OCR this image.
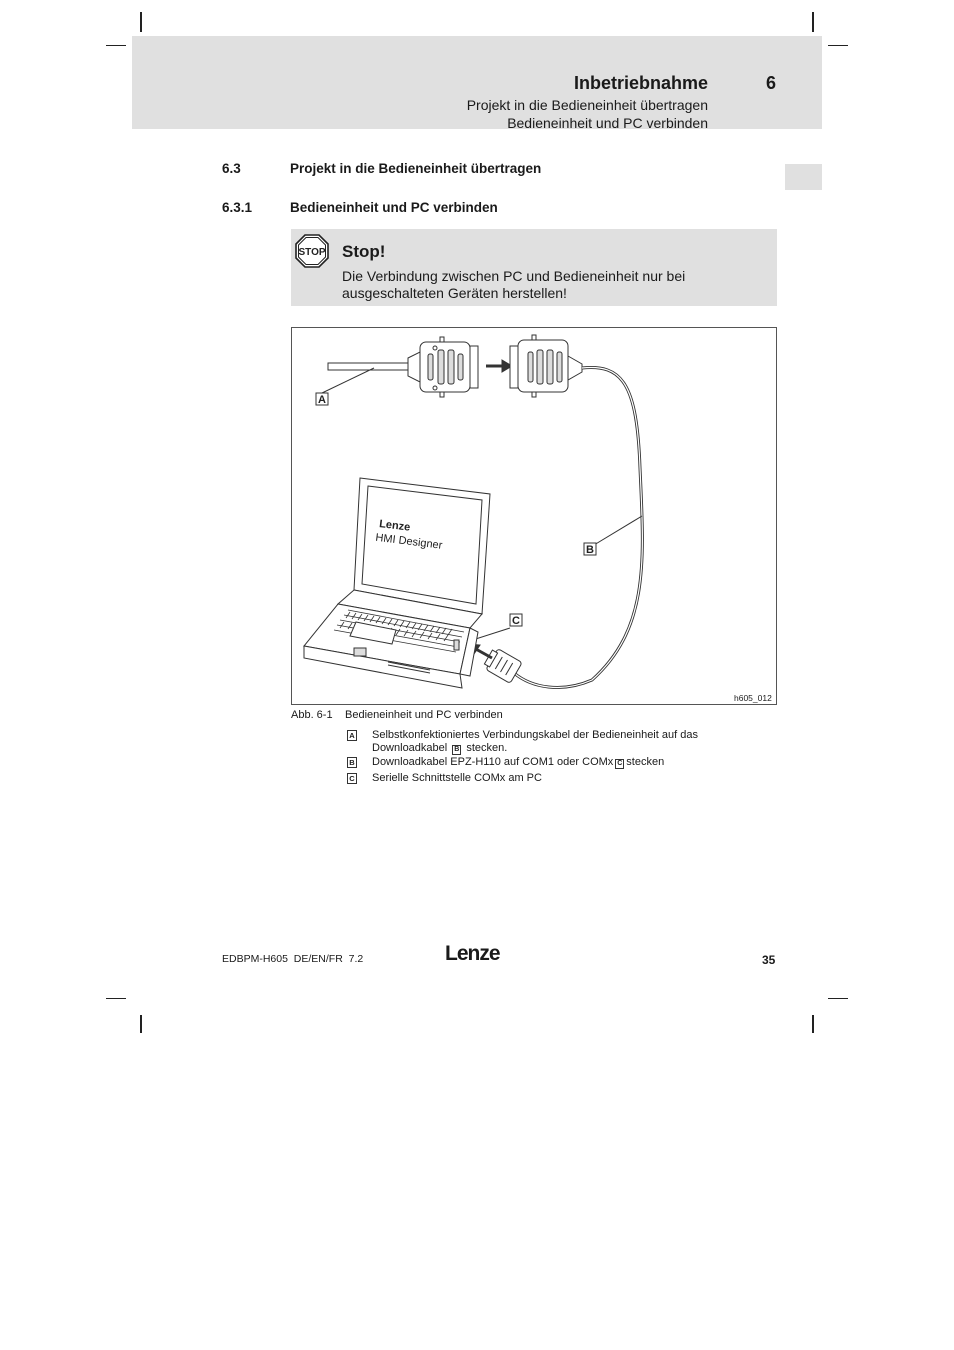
Inbetriebnahme	6
Projekt in die Bedieneinheit übertragen
Bedieneinheit und PC verbinden
6.3	Projekt in die Bedieneinheit übertragen
6.3.1	Bedieneinheit und PC verbinden
STOP Stop!
Die Verbindung zwischen PC und Bedieneinheit nur bei ausgeschalteten Geräten herstellen!
Lenze
HMI Designer
A
B
C
h605_012
Abb. 6-1 Bedieneinheit und PC verbinden
A Selbstkonfektioniertes Verbindungskabel der Bedieneinheit auf das Downloadkabel B stecken.
B Downloadkabel EPZ-H110 auf COM1 oder COMx C stecken
C Serielle Schnittstelle COMx am PC
EDBPM-H605  DE/EN/FR  7.2	Lenze	35
